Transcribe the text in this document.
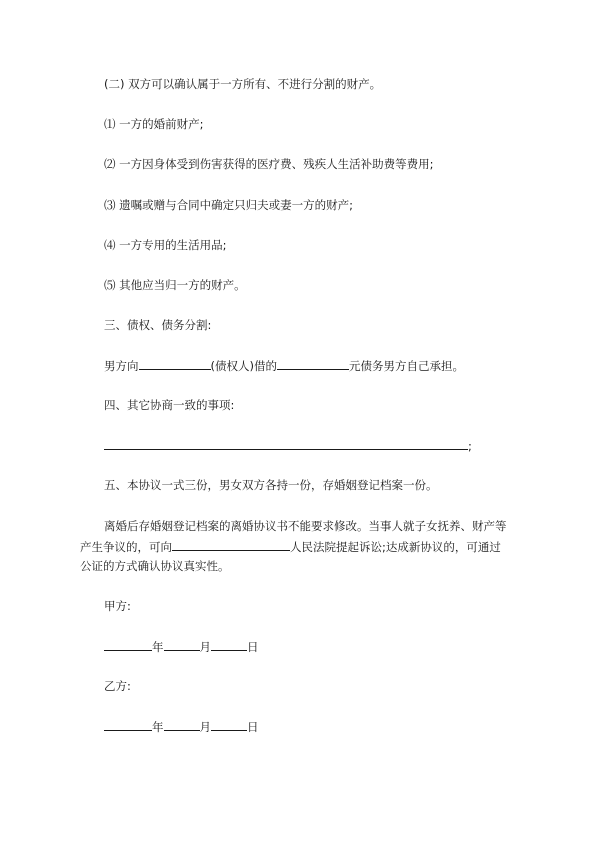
(二) 双方可以确认属于一方所有、不进行分割的财产。
⑴ 一方的婚前财产;
⑵ 一方因身体受到伤害获得的医疗费、残疾人生活补助费等费用;
⑶ 遗嘱或赠与合同中确定只归夫或妻一方的财产;
⑷ 一方专用的生活用品;
⑸ 其他应当归一方的财产。
三、债权、债务分割:
男方向	(债权人)借的	元债务男方自己承担。
四、其它协商一致的事项:
;
五、本协议一式三份，男女双方各持一份，存婚姻登记档案一份。
离婚后存婚姻登记档案的离婚协议书不能要求修改。当事人就子女抚养、财产等
产生争议的，可向	人民法院提起诉讼;达成新协议的，可通过
公证的方式确认协议真实性。
甲方:
年	月	日
乙方:
年	月	日
